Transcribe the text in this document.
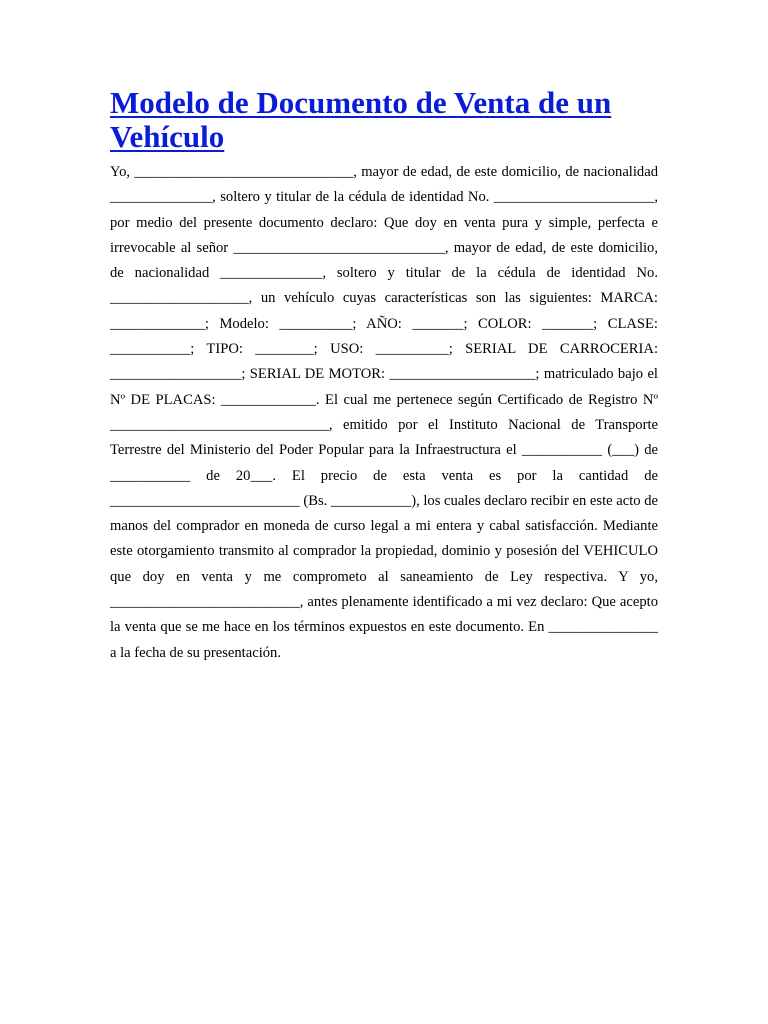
Modelo de Documento de Venta de un Vehículo

Yo, ______________________________, mayor de edad, de este domicilio, de nacionalidad ______________, soltero y titular de la cédula de identidad No. ______________________, por medio del presente documento declaro: Que doy en venta pura y simple, perfecta e irrevocable al señor _____________________________, mayor de edad, de este domicilio, de nacionalidad ______________, soltero y titular de la cédula de identidad No. ___________________, un vehículo cuyas características son las siguientes: MARCA: _____________; Modelo: __________; AÑO: _______; COLOR: _______; CLASE: ___________; TIPO: ________; USO: __________; SERIAL DE CARROCERIA: __________________; SERIAL DE MOTOR: ____________________; matriculado bajo el Nº DE PLACAS: _____________. El cual me pertenece según Certificado de Registro Nº ______________________________, emitido por el Instituto Nacional de Transporte Terrestre del Ministerio del Poder Popular para la Infraestructura el ___________ (___) de ___________ de 20___. El precio de esta venta es por la cantidad de __________________________ (Bs. ___________), los cuales declaro recibir en este acto de manos del comprador en moneda de curso legal a mi entera y cabal satisfacción. Mediante este otorgamiento transmito al comprador la propiedad, dominio y posesión del VEHICULO que doy en venta y me comprometo al saneamiento de Ley respectiva. Y yo, __________________________, antes plenamente identificado a mi vez declaro: Que acepto la venta que se me hace en los términos expuestos en este documento. En _______________ a la fecha de su presentación.
